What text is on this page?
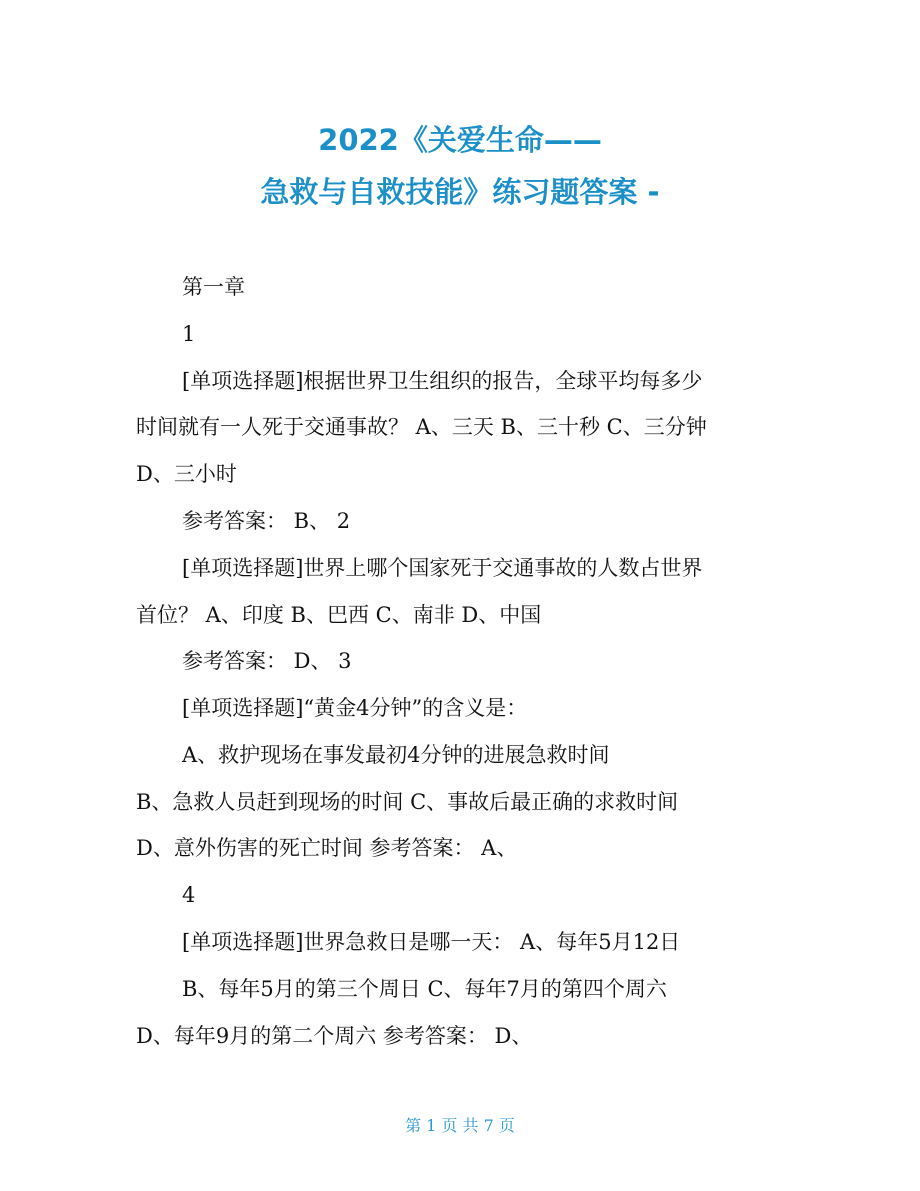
2022《关爱生命——
急救与自救技能》练习题答案 -
第一章
1
[单项选择题]根据世界卫生组织的报告，全球平均每多少
时间就有一人死于交通事故？ A、三天 B、三十秒 C、三分钟
D、三小时
参考答案： B、 2
[单项选择题]世界上哪个国家死于交通事故的人数占世界
首位？ A、印度 B、巴西 C、南非 D、中国
参考答案： D、 3
[单项选择题]“黄金4分钟”的含义是：
A、救护现场在事发最初4分钟的进展急救时间
B、急救人员赶到现场的时间 C、事故后最正确的求救时间
D、意外伤害的死亡时间 参考答案： A、
4
[单项选择题]世界急救日是哪一天： A、每年5月12日
B、每年5月的第三个周日 C、每年7月的第四个周六
D、每年9月的第二个周六 参考答案： D、
第 1 页 共 7 页
